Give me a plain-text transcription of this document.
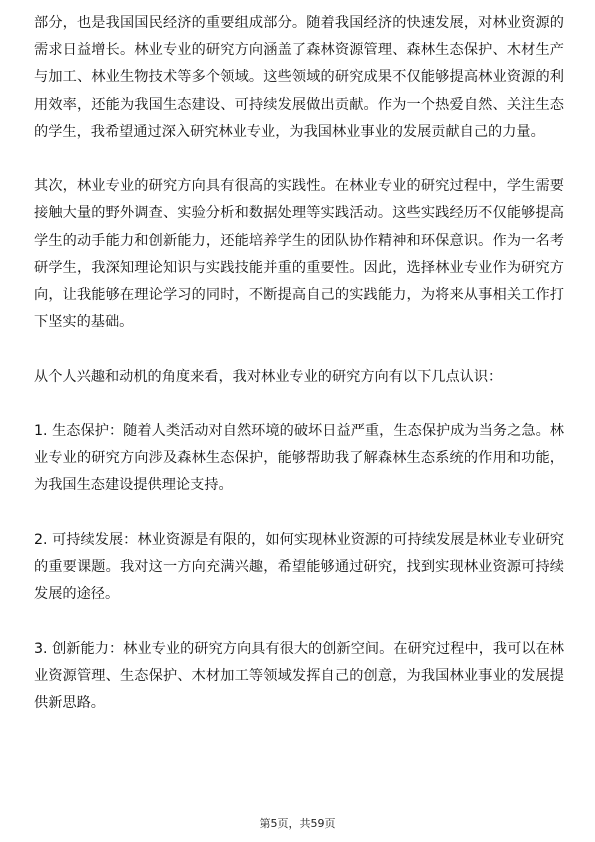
部分，也是我国国民经济的重要组成部分。随着我国经济的快速发展，对林业资源的需求日益增长。林业专业的研究方向涵盖了森林资源管理、森林生态保护、木材生产与加工、林业生物技术等多个领域。这些领域的研究成果不仅能够提高林业资源的利用效率，还能为我国生态建设、可持续发展做出贡献。作为一个热爱自然、关注生态的学生，我希望通过深入研究林业专业，为我国林业事业的发展贡献自己的力量。

其次，林业专业的研究方向具有很高的实践性。在林业专业的研究过程中，学生需要接触大量的野外调查、实验分析和数据处理等实践活动。这些实践经历不仅能够提高学生的动手能力和创新能力，还能培养学生的团队协作精神和环保意识。作为一名考研学生，我深知理论知识与实践技能并重的重要性。因此，选择林业专业作为研究方向，让我能够在理论学习的同时，不断提高自己的实践能力，为将来从事相关工作打下坚实的基础。

从个人兴趣和动机的角度来看，我对林业专业的研究方向有以下几点认识：

1. 生态保护：随着人类活动对自然环境的破坏日益严重，生态保护成为当务之急。林业专业的研究方向涉及森林生态保护，能够帮助我了解森林生态系统的作用和功能，为我国生态建设提供理论支持。

2. 可持续发展：林业资源是有限的，如何实现林业资源的可持续发展是林业专业研究的重要课题。我对这一方向充满兴趣，希望能够通过研究，找到实现林业资源可持续发展的途径。

3. 创新能力：林业专业的研究方向具有很大的创新空间。在研究过程中，我可以在林业资源管理、生态保护、木材加工等领域发挥自己的创意，为我国林业事业的发展提供新思路。

第5页，共59页
